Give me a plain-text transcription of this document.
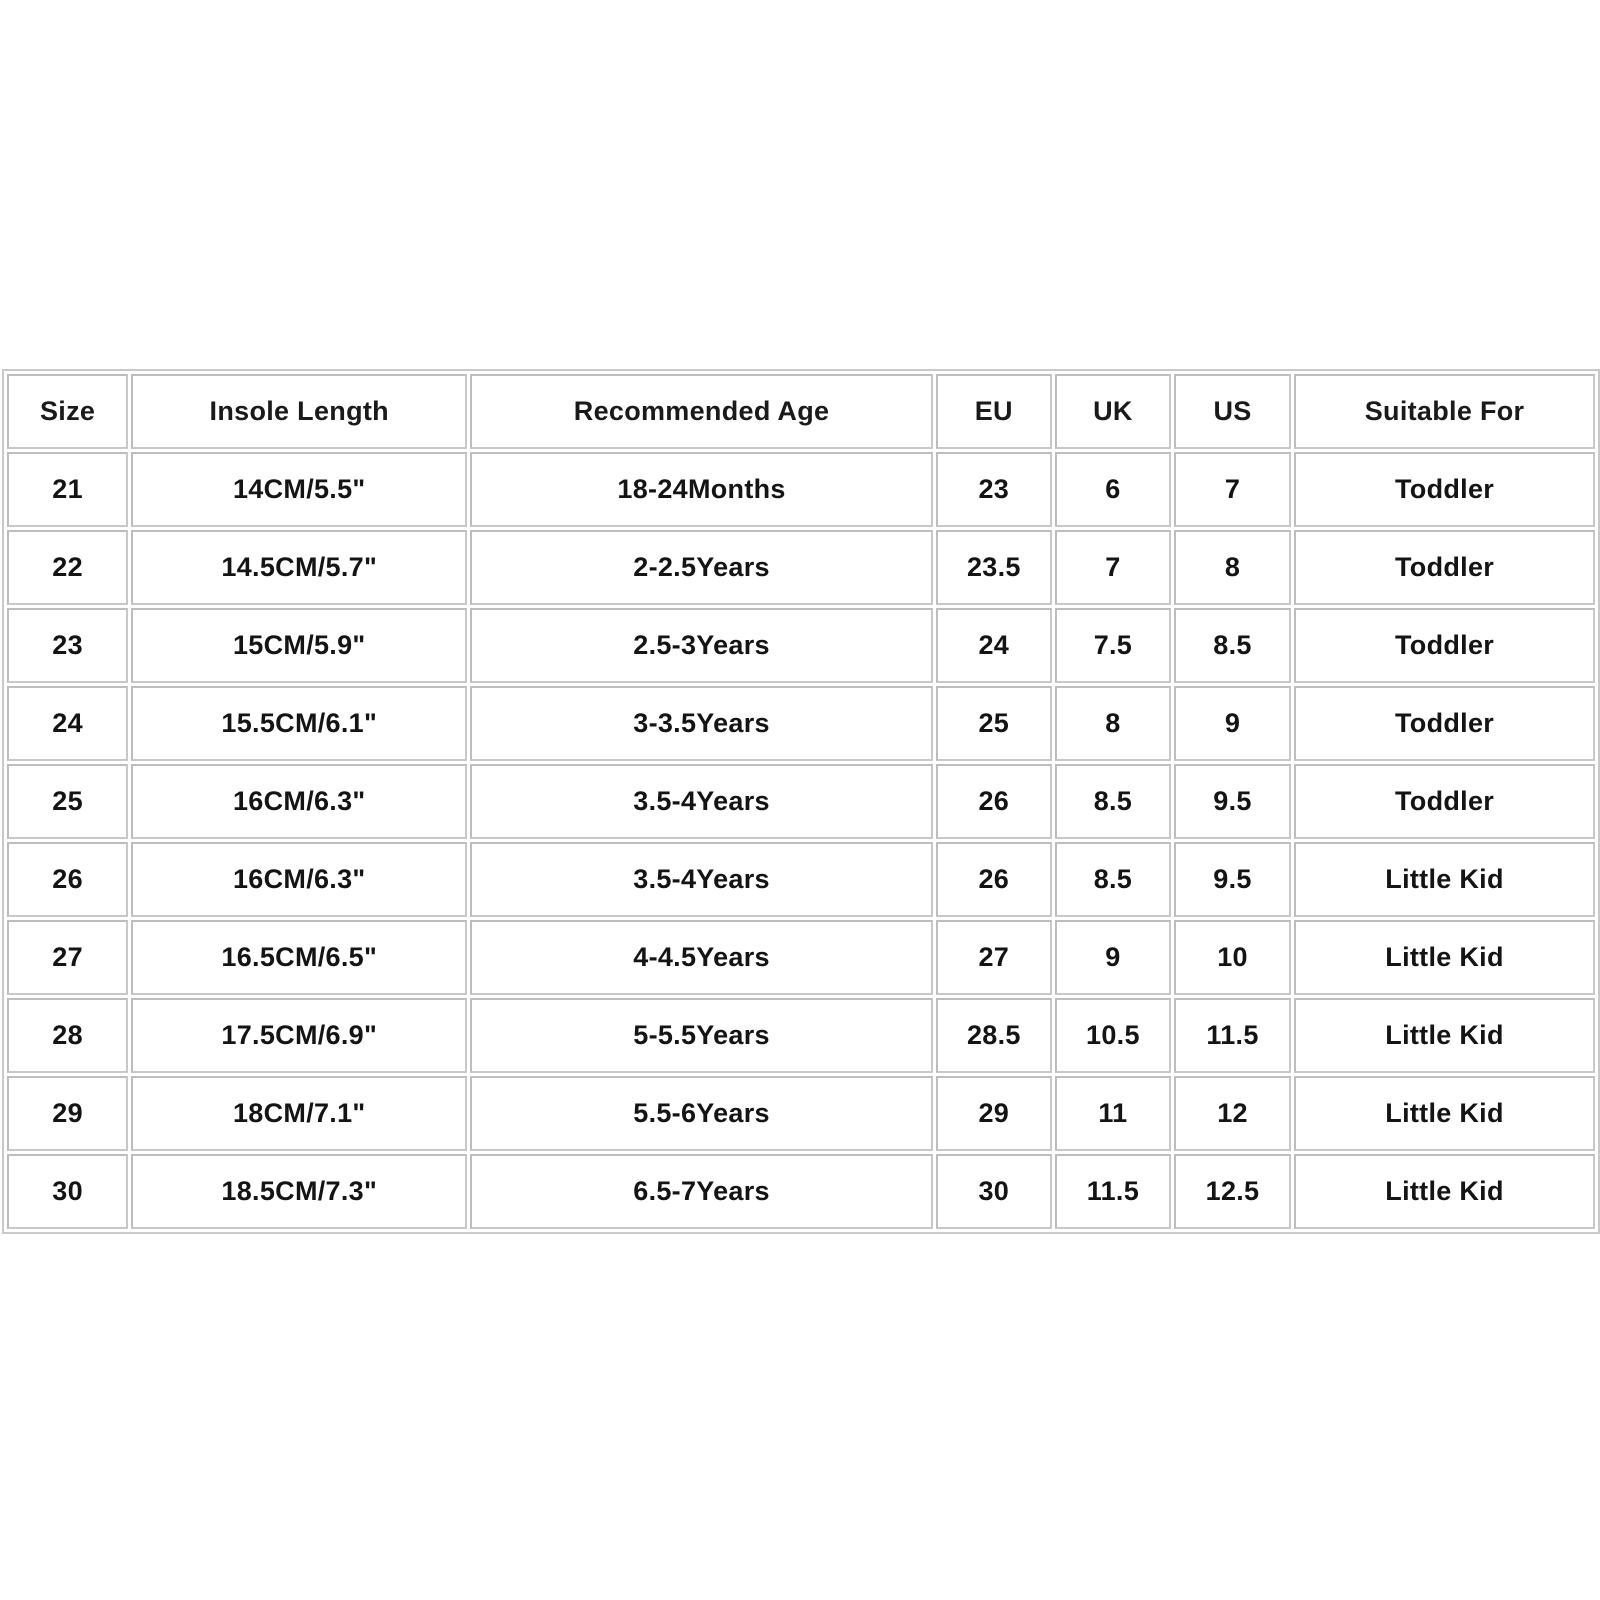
Size	Insole Length	Recommended Age	EU	UK	US	Suitable For
21	14CM/5.5"	18-24Months	23	6	7	Toddler
22	14.5CM/5.7"	2-2.5Years	23.5	7	8	Toddler
23	15CM/5.9"	2.5-3Years	24	7.5	8.5	Toddler
24	15.5CM/6.1"	3-3.5Years	25	8	9	Toddler
25	16CM/6.3"	3.5-4Years	26	8.5	9.5	Toddler
26	16CM/6.3"	3.5-4Years	26	8.5	9.5	Little Kid
27	16.5CM/6.5"	4-4.5Years	27	9	10	Little Kid
28	17.5CM/6.9"	5-5.5Years	28.5	10.5	11.5	Little Kid
29	18CM/7.1"	5.5-6Years	29	11	12	Little Kid
30	18.5CM/7.3"	6.5-7Years	30	11.5	12.5	Little Kid
